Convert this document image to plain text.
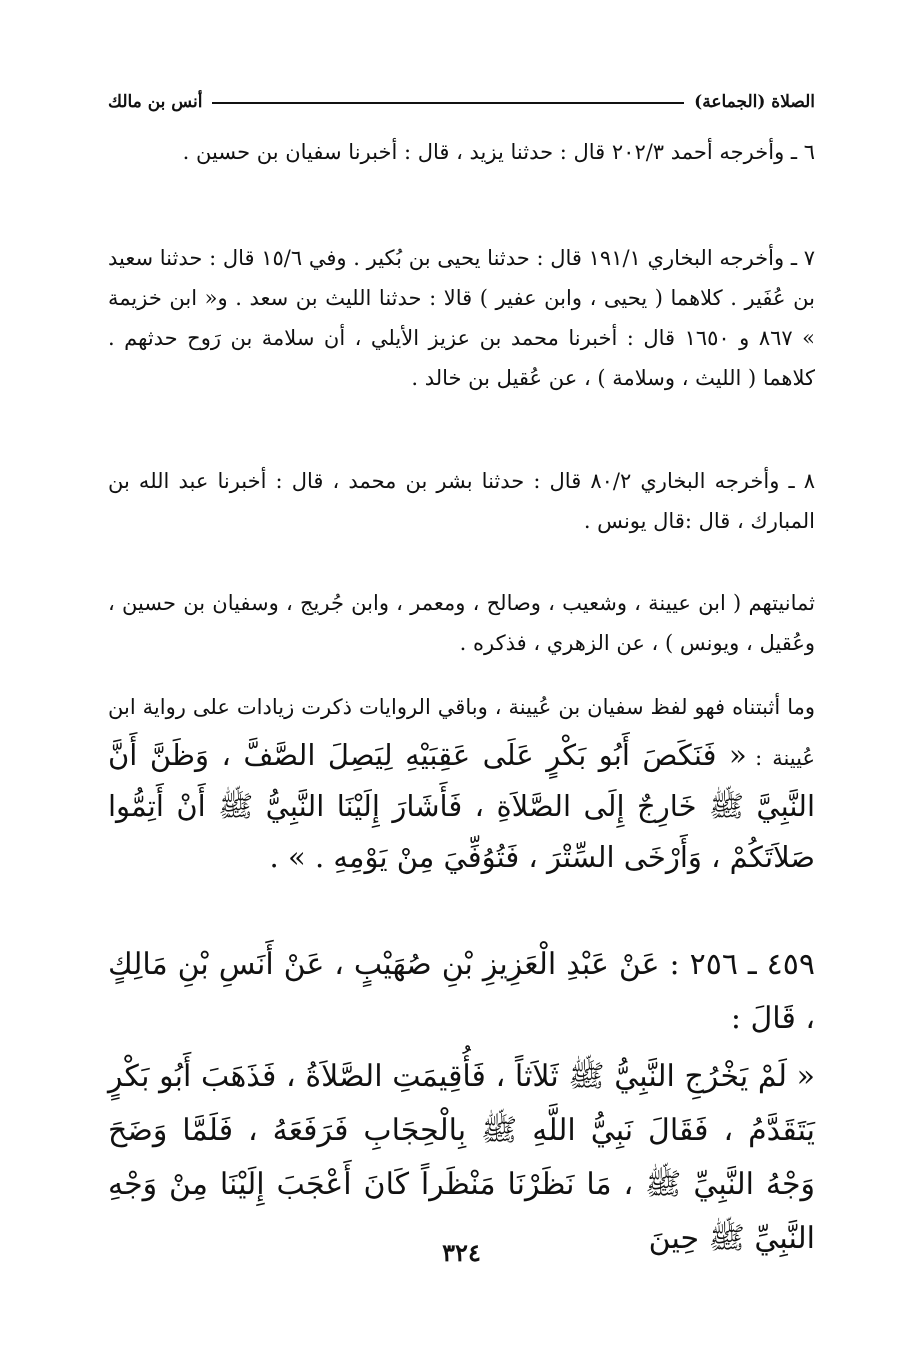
الصلاة (الجماعة)
أنس بن مالك

٦ ـ وأخرجه أحمد ٢٠٢/٣ قال : حدثنا يزيد ، قال : أخبرنا سفيان بن حسين .

٧ ـ وأخرجه البخاري ١٩١/١ قال : حدثنا يحيى بن بُكير . وفي ١٥/٦ قال : حدثنا سعيد بن عُفَير . كلاهما ( يحيى ، وابن عفير ) قالا : حدثنا الليث بن سعد . و« ابن خزيمة » ٨٦٧ و ١٦٥٠ قال : أخبرنا محمد بن عزيز الأيلي ، أن سلامة بن رَوح حدثهم . كلاهما ( الليث ، وسلامة ) ، عن عُقيل بن خالد .

٨ ـ وأخرجه البخاري ٨٠/٢ قال : حدثنا بشر بن محمد ، قال : أخبرنا عبد الله بن المبارك ، قال :قال يونس .

ثمانيتهم ( ابن عيينة ، وشعيب ، وصالح ، ومعمر ، وابن جُريج ، وسفيان بن حسين ، وعُقيل ، ويونس ) ، عن الزهري ، فذكره .

وما أثبتناه فهو لفظ سفيان بن عُيينة ، وباقي الروايات ذكرت زيادات على رواية ابن عُيينة : « فَنَكَصَ أَبُو بَكْرٍ عَلَى عَقِبَيْهِ لِيَصِلَ الصَّفَّ ، وَظَنَّ أَنَّ النَّبِيَّ ﷺ خَارِجٌ إِلَى الصَّلاَةِ ، فَأَشَارَ إِلَيْنَا النَّبِيُّ ﷺ أَنْ أَتِمُّوا صَلاَتَكُمْ ، وَأَرْخَى السِّتْرَ ، فَتُوُفِّيَ مِنْ يَوْمِهِ . » .

٤٥٩ ـ ٢٥٦ : عَنْ عَبْدِ الْعَزِيزِ بْنِ صُهَيْبٍ ، عَنْ أَنَسِ بْنِ مَالِكٍ ، قَالَ :

« لَمْ يَخْرُجِ النَّبِيُّ ﷺ ثَلاَثاً ، فَأُقِيمَتِ الصَّلاَةُ ، فَذَهَبَ أَبُو بَكْرٍ يَتَقَدَّمُ ، فَقَالَ نَبِيُّ اللَّهِ ﷺ بِالْحِجَابِ فَرَفَعَهُ ، فَلَمَّا وَضَحَ وَجْهُ النَّبِيِّ ﷺ ، مَا نَظَرْنَا مَنْظَراً كَانَ أَعْجَبَ إِلَيْنَا مِنْ وَجْهِ النَّبِيِّ ﷺ حِينَ

٣٢٤
